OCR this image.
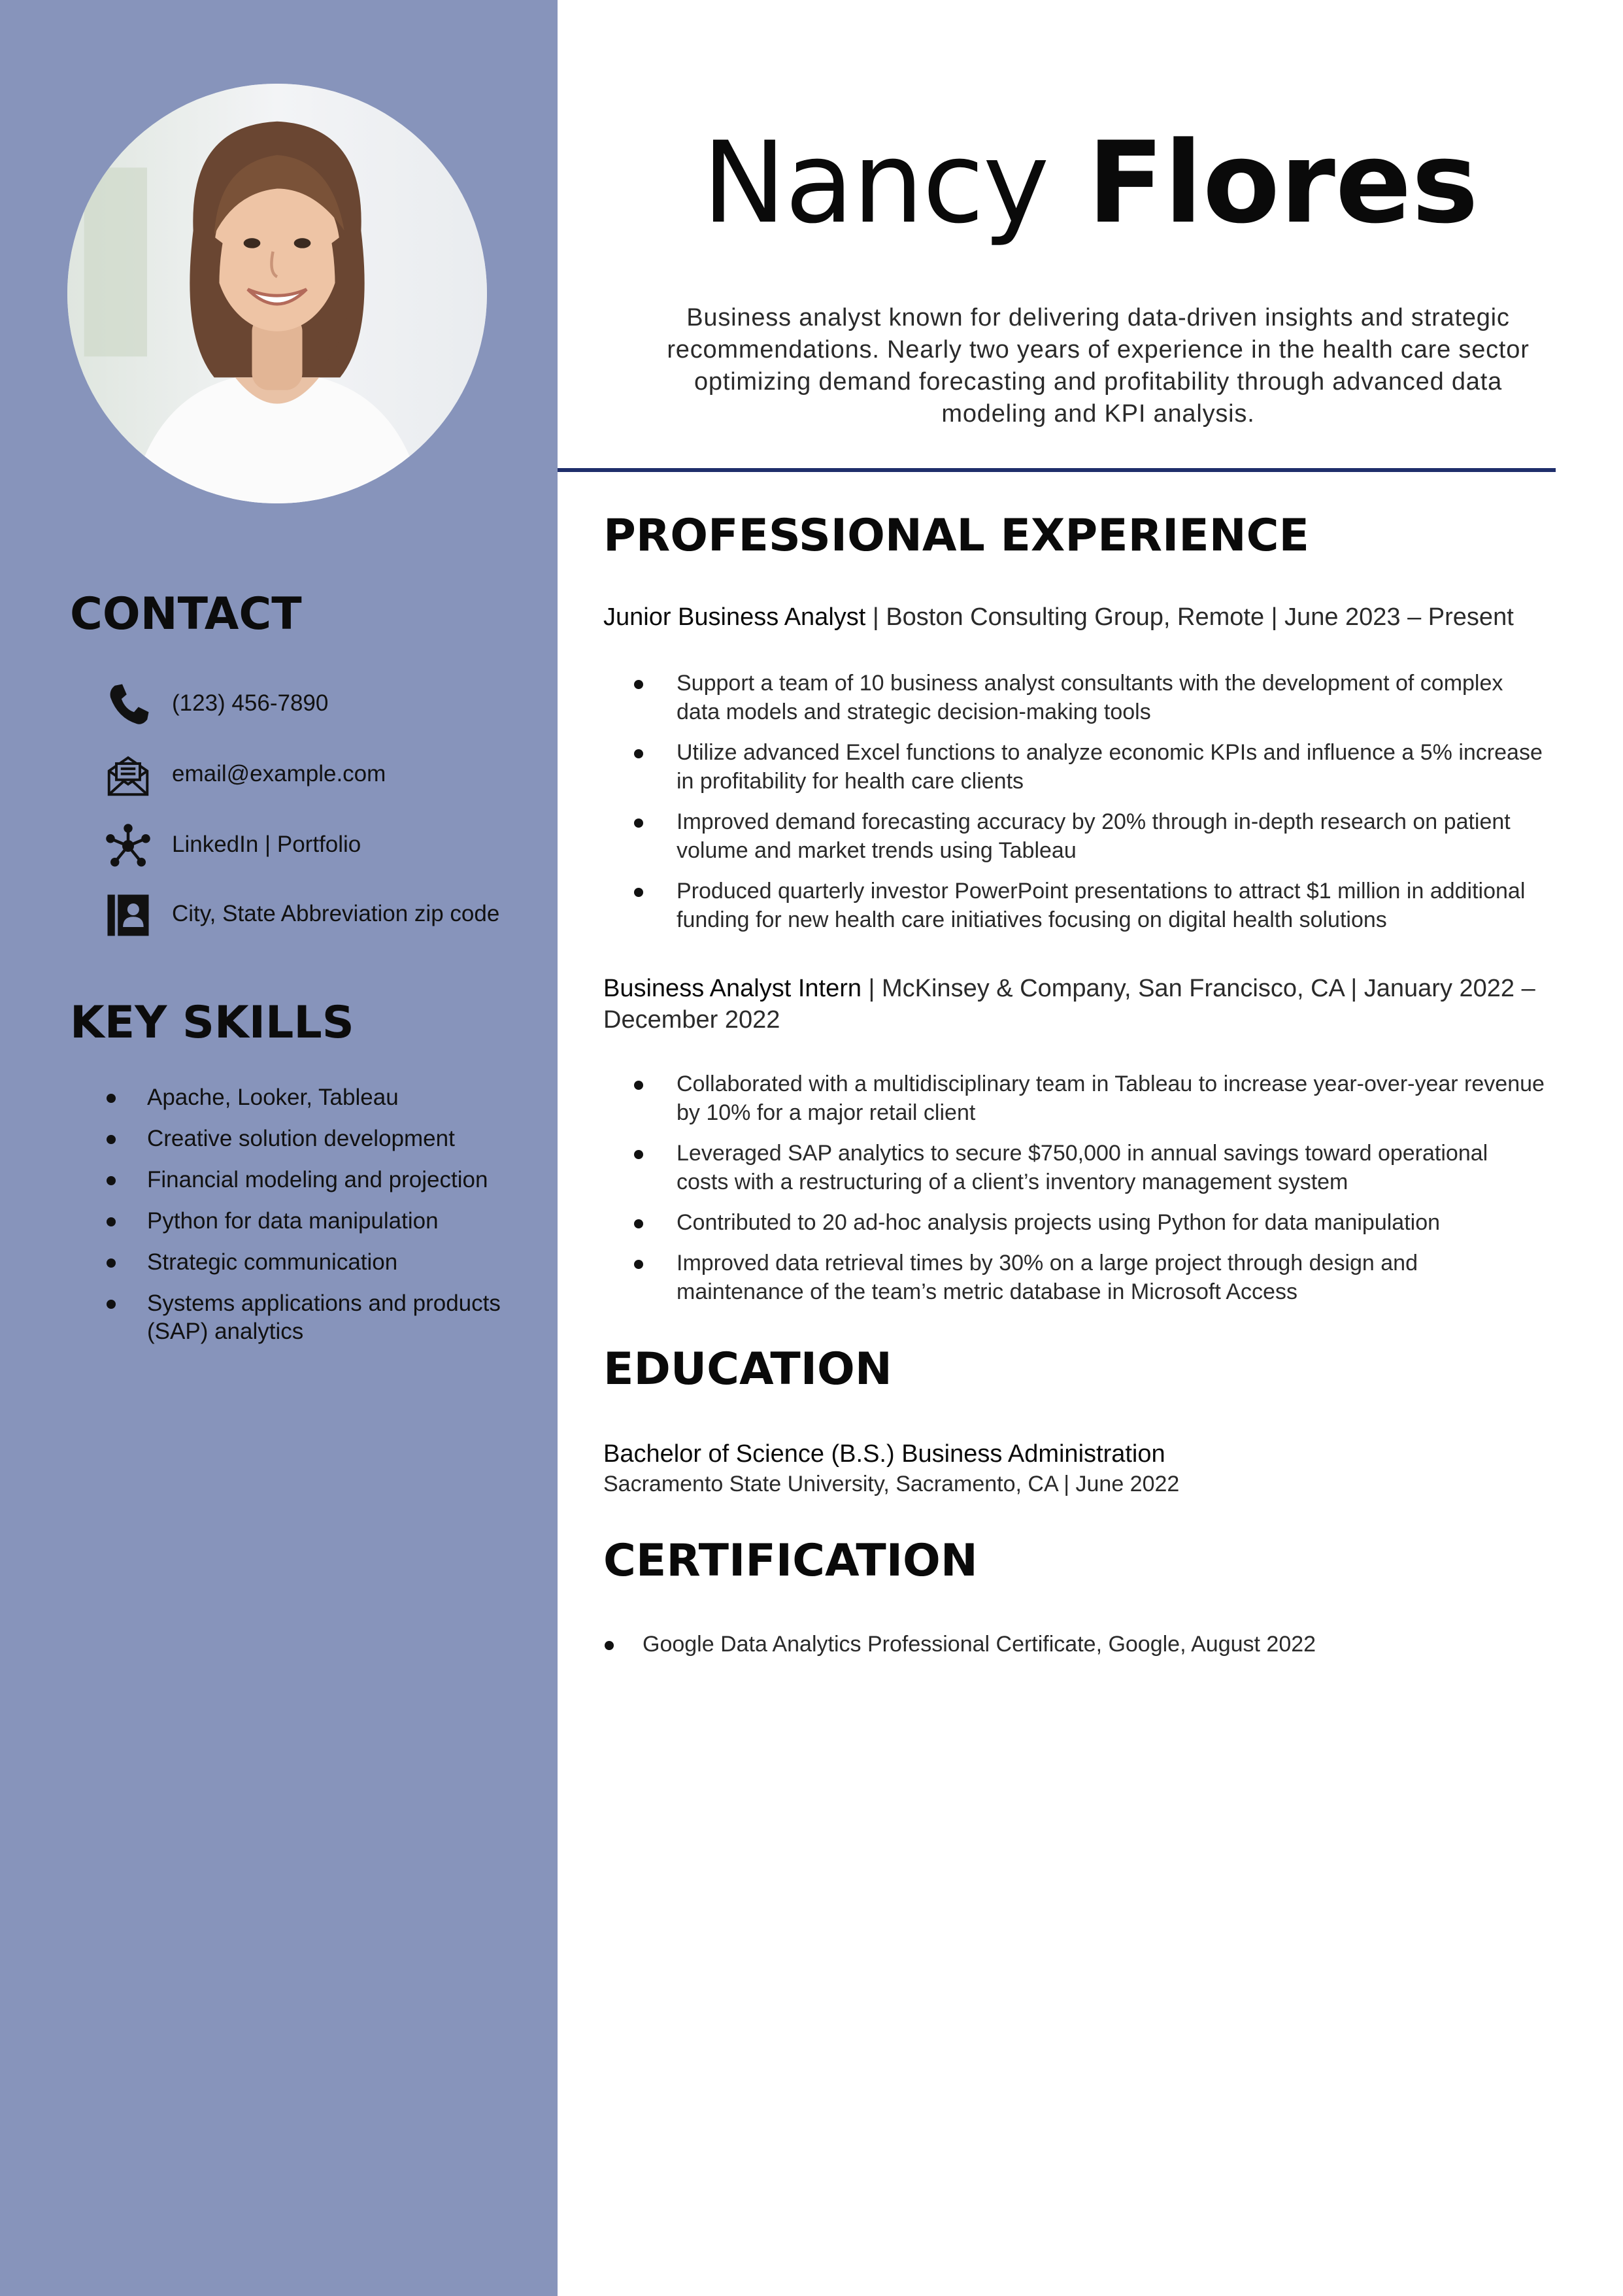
CONTACT
(123) 456-7890
email@example.com
LinkedIn | Portfolio
City, State Abbreviation zip code
KEY SKILLS
Apache, Looker, Tableau
Creative solution development
Financial modeling and projection
Python for data manipulation
Strategic communication
Systems applications and products (SAP) analytics
Nancy Flores

Business analyst known for delivering data-driven insights and strategic recommendations. Nearly two years of experience in the health care sector optimizing demand forecasting and profitability through advanced data modeling and KPI analysis.

PROFESSIONAL EXPERIENCE

Junior Business Analyst | Boston Consulting Group, Remote | June 2023 – Present

Support a team of 10 business analyst consultants with the development of complex data models and strategic decision-making tools
Utilize advanced Excel functions to analyze economic KPIs and influence a 5% increase in profitability for health care clients
Improved demand forecasting accuracy by 20% through in-depth research on patient volume and market trends using Tableau
Produced quarterly investor PowerPoint presentations to attract $1 million in additional funding for new health care initiatives focusing on digital health solutions

Business Analyst Intern | McKinsey & Company, San Francisco, CA | January 2022 – December 2022

Collaborated with a multidisciplinary team in Tableau to increase year-over-year revenue by 10% for a major retail client
Leveraged SAP analytics to secure $750,000 in annual savings toward operational costs with a restructuring of a client’s inventory management system
Contributed to 20 ad-hoc analysis projects using Python for data manipulation
Improved data retrieval times by 30% on a large project through design and maintenance of the team’s metric database in Microsoft Access
EDUCATION

Bachelor of Science (B.S.) Business Administration

Sacramento State University, Sacramento, CA | June 2022

CERTIFICATION
Google Data Analytics Professional Certificate, Google, August 2022
